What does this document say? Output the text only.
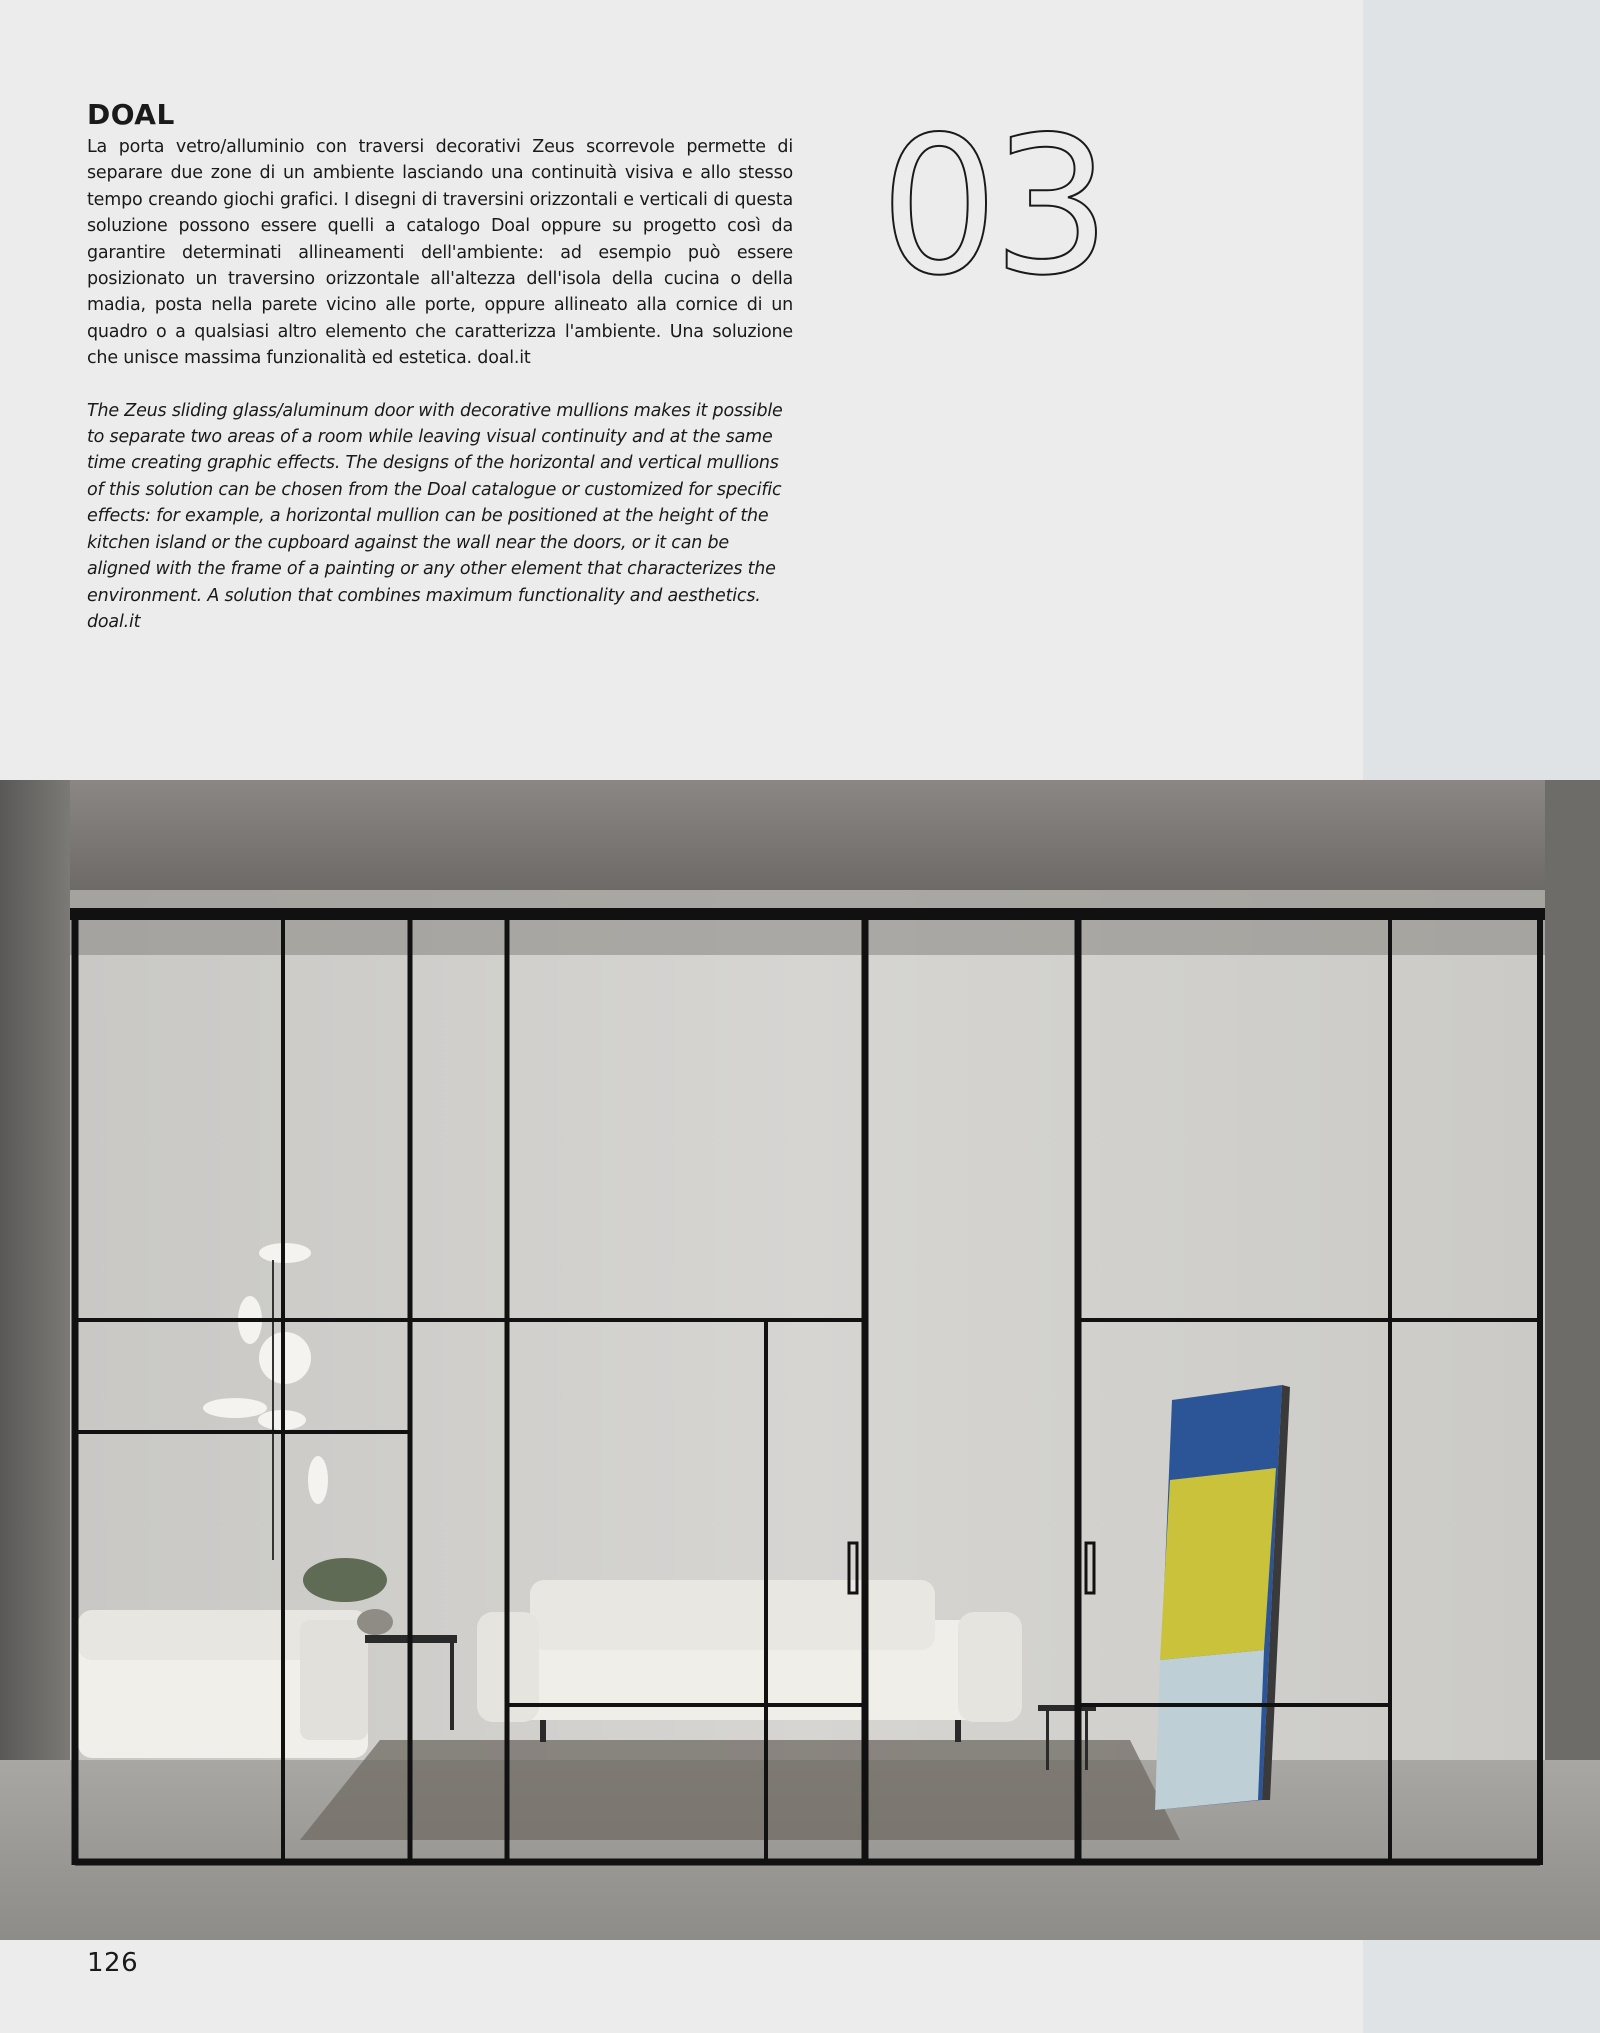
DOAL

La porta vetro/alluminio con traversi decorativi Zeus scorrevole permette di separare due zone di un ambiente lasciando una continuità visiva e allo stesso tempo creando giochi grafici. I disegni di traversini orizzontali e verticali di questa soluzione possono essere quelli a catalogo Doal oppure su progetto così da garantire determinati allineamenti dell'ambiente: ad esempio può essere posizionato un traversino orizzontale all'altezza dell'isola della cucina o della madia, posta nella parete vicino alle porte, oppure allineato alla cornice di un quadro o a qualsiasi altro elemento che caratterizza l'ambiente. Una soluzione che unisce massima funzionalità ed estetica. doal.it

The Zeus sliding glass/aluminum door with decorative mullions makes it possible to separate two areas of a room while leaving visual continuity and at the same time creating graphic effects. The designs of the horizontal and vertical mullions of this solution can be chosen from the Doal catalogue or customized for specific effects: for example, a horizontal mullion can be positioned at the height of the kitchen island or the cupboard against the wall near the doors, or it can be aligned with the frame of a painting or any other element that characterizes the environment. A solution that combines maximum functionality and aesthetics. doal.it

03
126
